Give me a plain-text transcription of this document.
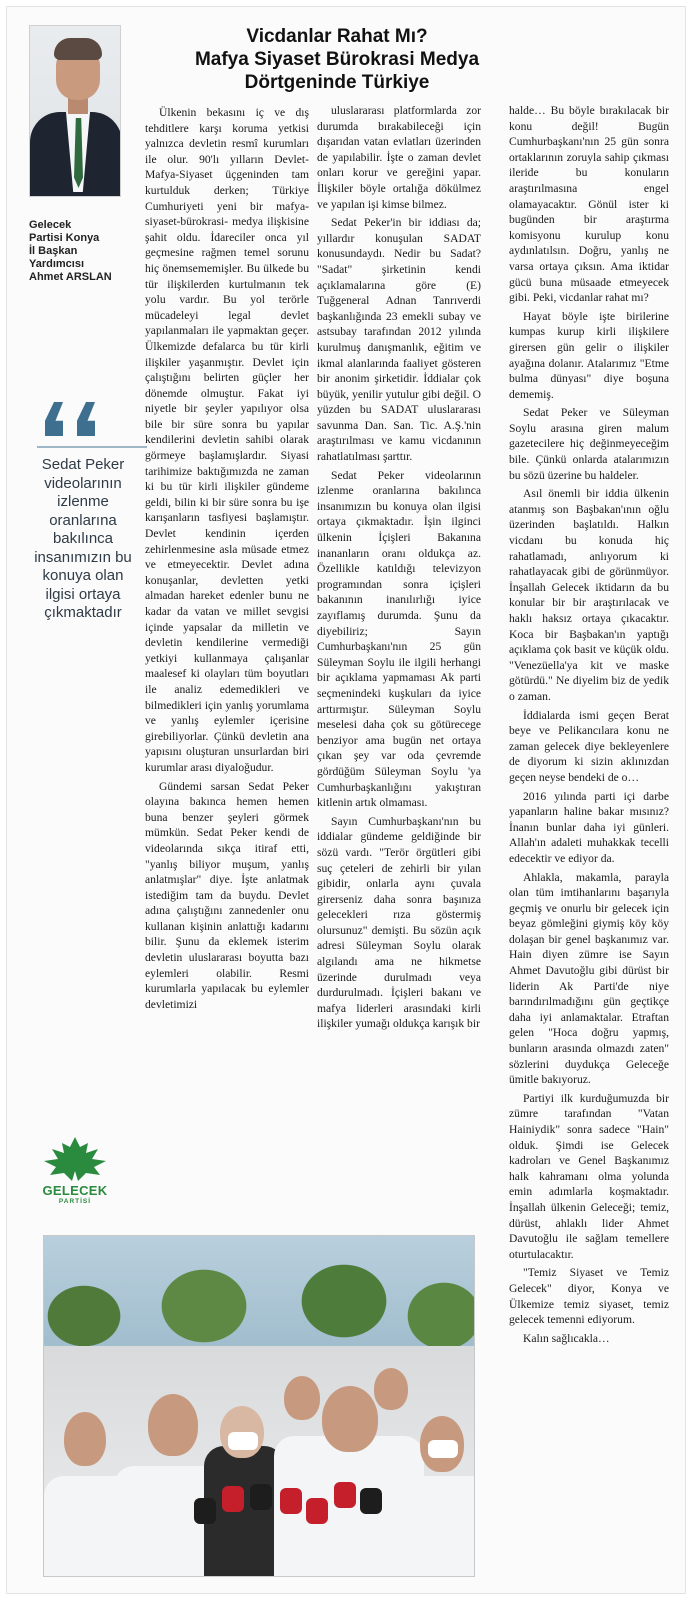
Gelecek
Partisi Konya
İl Başkan
Yardımcısı
Ahmet ARSLAN
Sedat Peker videolarının izlenme oranlarına bakılınca insanımızın bu konuya olan ilgisi ortaya çıkmaktadır
GELECEK
PARTİSİ
Vicdanlar Rahat Mı?
Mafya Siyaset Bürokrasi Medya
Dörtgeninde Türkiye

Ülkenin bekasını iç ve dış tehditlere karşı koruma yetkisi yalnızca devletin resmî kurumları ile olur. 90'lı yılların Devlet-Mafya-Siyaset üçgeninden tam kurtulduk derken; Türkiye Cumhuriyeti yeni bir mafya-siyaset-bürokrasi- medya ilişkisine şahit oldu. İdareciler onca yıl geçmesine rağmen temel sorunu hiç önemsememişler. Bu ülkede bu tür ilişkilerden kurtulmanın tek yolu vardır. Bu yol terörle mücadeleyi legal devlet yapılanmaları ile yapmaktan geçer. Ülkemizde defalarca bu tür kirli ilişkiler yaşanmıştır. Devlet için çalıştığını belirten güçler her dönemde olmuştur. Fakat iyi niyetle bir şeyler yapılıyor olsa bile bir süre sonra bu yapılar kendilerini devletin sahibi olarak görmeye başlamışlardır. Siyasi tarihimize baktığımızda ne zaman ki bu tür kirli ilişkiler gündeme geldi, bilin ki bir süre sonra bu işe karışanların tasfiyesi başlamıştır. Devlet kendinin içerden zehirlenmesine asla müsade etmez ve etmeyecektir. Devlet adına konuşanlar, devletten yetki almadan hareket edenler bunu ne kadar da vatan ve millet sevgisi içinde yapsalar da milletin ve devletin kendilerine vermediği yetkiyi kullanmaya çalışanlar maalesef ki olayları tüm boyutları ile analiz edemedikleri ve bilmedikleri için yanlış yorumlama ve yanlış eylemler içerisine girebiliyorlar. Çünkü devletin ana yapısını oluşturan unsurlardan biri kurumlar arası diyaloğudur.

Gündemi sarsan Sedat Peker olayına bakınca hemen hemen buna benzer şeyleri görmek mümkün. Sedat Peker kendi de videolarında sıkça itiraf etti, "yanlış biliyor muşum, yanlış anlatmışlar" diye. İşte anlatmak istediğim tam da buydu. Devlet adına çalıştığını zannedenler onu kullanan kişinin anlattığı kadarını bilir. Şunu da eklemek isterim devletin uluslararası boyutta bazı eylemleri olabilir. Resmi kurumlarla yapılacak bu eylemler devletimizi

uluslararası platformlarda zor durumda bırakabileceği için dışarıdan vatan evlatları üzerinden de yapılabilir. İşte o zaman devlet onları korur ve gereğini yapar. İlişkiler böyle ortalığa dökülmez ve yapılan işi kimse bilmez.

Sedat Peker'in bir iddiası da; yıllardır konuşulan SADAT konusundaydı. Nedir bu Sadat? "Sadat" şirketinin kendi açıklamalarına göre (E) Tuğgeneral Adnan Tanrıverdi başkanlığında 23 emekli subay ve astsubay tarafından 2012 yılında kurulmuş danışmanlık, eğitim ve ikmal alanlarında faaliyet gösteren bir anonim şirketidir. İddialar çok büyük, yenilir yutulur gibi değil. O yüzden bu SADAT uluslararası savunma Dan. San. Tic. A.Ş.'nin araştırılması ve kamu vicdanının rahatlatılması şarttır.

Sedat Peker videolarının izlenme oranlarına bakılınca insanımızın bu konuya olan ilgisi ortaya çıkmaktadır. İşin ilginci ülkenin İçişleri Bakanına inananların oranı oldukça az. Özellikle katıldığı televizyon programından sonra içişleri bakanının inanılırlığı iyice zayıflamış durumda. Şunu da diyebiliriz; Sayın Cumhurbaşkanı'nın 25 gün Süleyman Soylu ile ilgili herhangi bir açıklama yapmaması Ak parti seçmenindeki kuşkuları da iyice arttırmıştır. Süleyman Soylu meselesi daha çok su götürecege benziyor ama bugün net ortaya çıkan şey var oda çevremde gördüğüm Süleyman Soylu 'ya Cumhurbaşkanlığını yakıştıran kitlenin artık olmaması.

Sayın Cumhurbaşkanı'nın bu iddialar gündeme geldiğinde bir sözü vardı. "Terör örgütleri gibi suç çeteleri de zehirli bir yılan gibidir, onlarla aynı çuvala girerseniz daha sonra başınıza gelecekleri rıza göstermiş olursunuz" demişti. Bu sözün açık adresi Süleyman Soylu olarak algılandı ama ne hikmetse üzerinde durulmadı veya durdurulmadı. İçişleri bakanı ve mafya liderleri arasındaki kirli ilişkiler yumağı oldukça karışık bir

halde… Bu böyle bırakılacak bir konu değil! Bugün Cumhurbaşkanı'nın 25 gün sonra ortaklarının zoruyla sahip çıkması ileride bu konuların araştırılmasına engel olamayacaktır. Gönül ister ki bugünden bir araştırma komisyonu kurulup konu aydınlatılsın. Doğru, yanlış ne varsa ortaya çıksın. Ama iktidar gücü buna müsaade etmeyecek gibi. Peki, vicdanlar rahat mı?

Hayat böyle işte birilerine kumpas kurup kirli ilişkilere girersen gün gelir o ilişkiler ayağına dolanır. Atalarımız "Etme bulma dünyası" diye boşuna dememiş.

Sedat Peker ve Süleyman Soylu arasına giren malum gazetecilere hiç değinmeyeceğim bile. Çünkü onlarda atalarımızın bu sözü üzerine bu haldeler.

Asıl önemli bir iddia ülkenin atanmış son Başbakan'ının oğlu üzerinden başlatıldı. Halkın vicdanı bu konuda hiç rahatlamadı, anlıyorum ki rahatlayacak gibi de görünmüyor. İnşallah Gelecek iktidarın da bu konular bir bir araştırılacak ve haklı haksız ortaya çıkacaktır. Koca bir Başbakan'ın yaptığı açıklama çok basit ve küçük oldu. "Venezüella'ya kit ve maske götürdü." Ne diyelim biz de yedik o zaman.

İddialarda ismi geçen Berat beye ve Pelikancılara konu ne zaman gelecek diye bekleyenlere de diyorum ki sizin aklınızdan geçen neyse bendeki de o…

2016 yılında parti içi darbe yapanların haline bakar mısınız? İnanın bunlar daha iyi günleri. Allah'ın adaleti muhakkak tecelli edecektir ve ediyor da.

Ahlakla, makamla, parayla olan tüm imtihanlarını başarıyla geçmiş ve onurlu bir gelecek için beyaz gömleğini giymiş köy köy dolaşan bir genel başkanımız var. Hain diyen zümre ise Sayın Ahmet Davutoğlu gibi dürüst bir liderin Ak Parti'de niye barındırılmadığını gün geçtikçe daha iyi anlamaktalar. Etraftan gelen "Hoca doğru yapmış, bunların arasında olmazdı zaten" sözlerini duydukça Geleceğe ümitle bakıyoruz.

Partiyi ilk kurduğumuzda bir zümre tarafından "Vatan Hainiydik" sonra sadece "Hain" olduk. Şimdi ise Gelecek kadroları ve Genel Başkanımız halk kahramanı olma yolunda emin adımlarla koşmaktadır. İnşallah ülkenin Geleceği; temiz, dürüst, ahlaklı lider Ahmet Davutoğlu ile sağlam temellere oturtulacaktır.

"Temiz Siyaset ve Temiz Gelecek" diyor, Konya ve Ülkemize temiz siyaset, temiz gelecek temenni ediyorum.

Kalın sağlıcakla…
